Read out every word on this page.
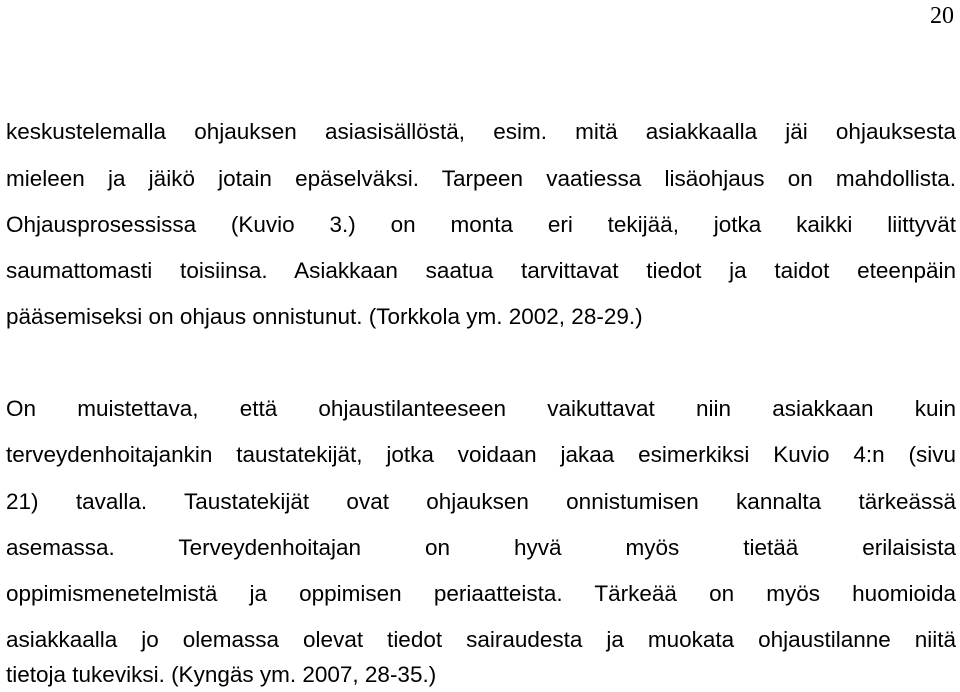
20
keskustelemalla ohjauksen asiasisällöstä, esim. mitä asiakkaalla jäi ohjauksesta
mieleen ja jäikö jotain epäselväksi. Tarpeen vaatiessa lisäohjaus on mahdollista.
Ohjausprosessissa (Kuvio 3.) on monta eri tekijää, jotka kaikki liittyvät
saumattomasti toisiinsa. Asiakkaan saatua tarvittavat tiedot ja taidot eteenpäin
pääsemiseksi on ohjaus onnistunut. (Torkkola ym. 2002, 28-29.)
On muistettava, että ohjaustilanteeseen vaikuttavat niin asiakkaan kuin
terveydenhoitajankin taustatekijät, jotka voidaan jakaa esimerkiksi Kuvio 4:n (sivu
21) tavalla. Taustatekijät ovat ohjauksen onnistumisen kannalta tärkeässä
asemassa. Terveydenhoitajan on hyvä myös tietää erilaisista
oppimismenetelmistä ja oppimisen periaatteista. Tärkeää on myös huomioida
asiakkaalla jo olemassa olevat tiedot sairaudesta ja muokata ohjaustilanne niitä
tietoja tukeviksi. (Kyngäs ym. 2007, 28-35.)
